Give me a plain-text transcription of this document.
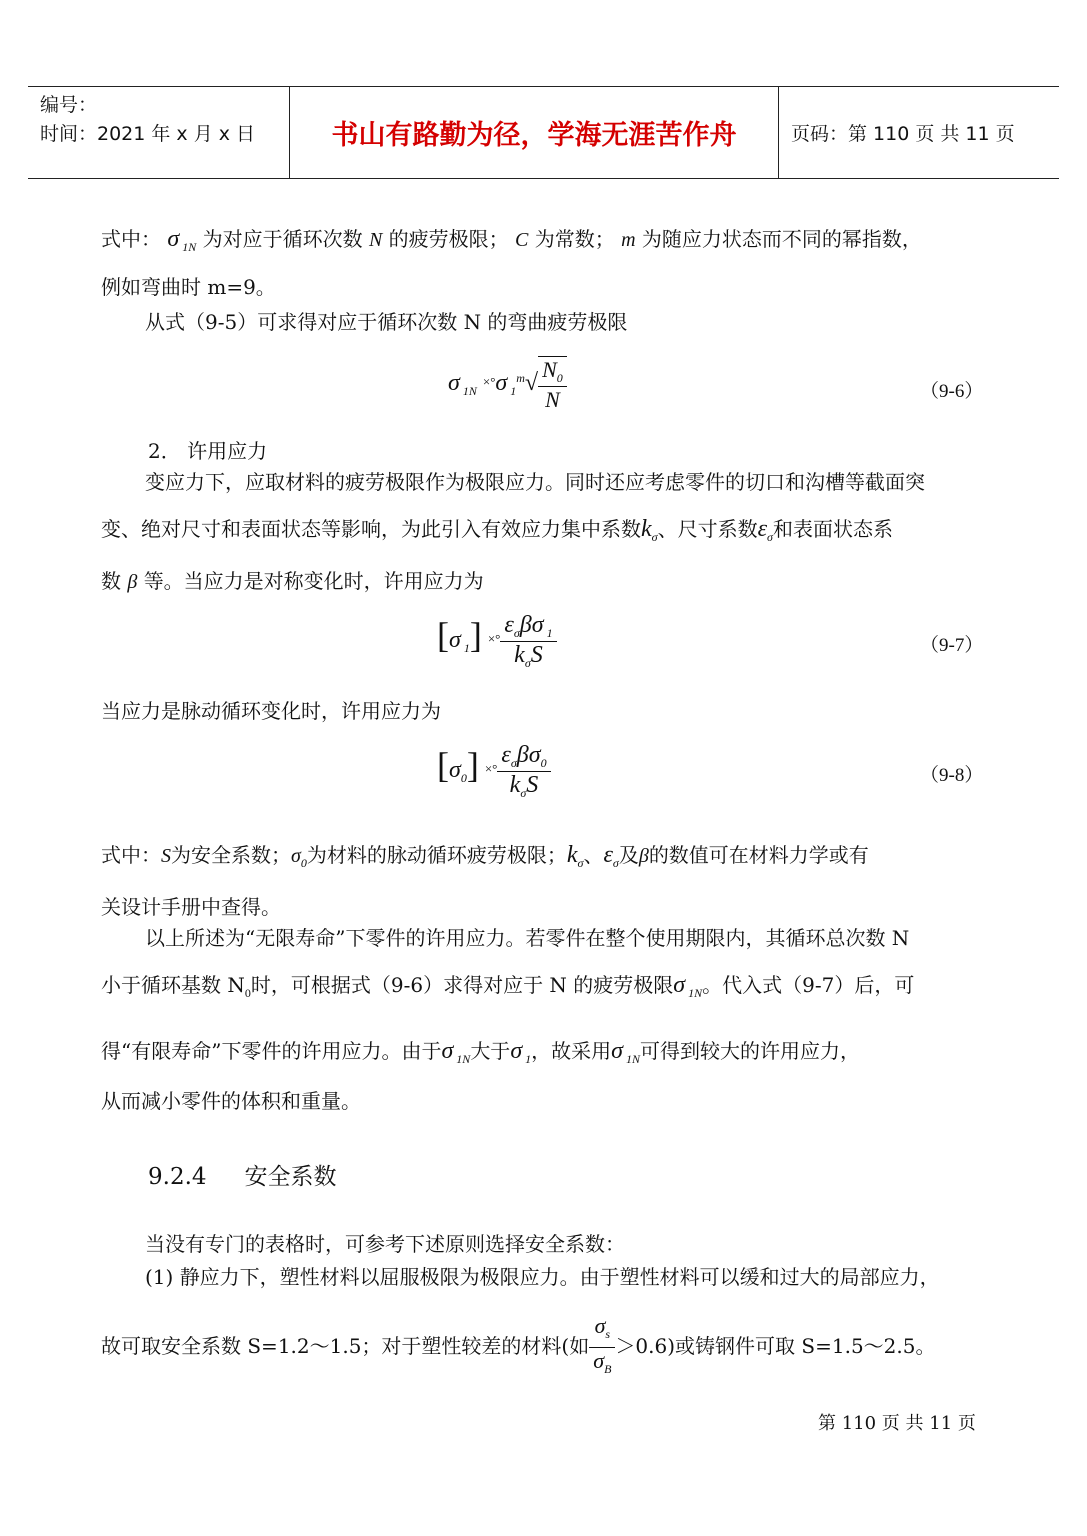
编号：
时间：2021 年 x 月 x 日	书山有路勤为径，学海无涯苦作舟	页码：第 110 页 共 11 页
式中： σ $_{1N}$ 为对应于循环次数 N 的疲劳极限； C 为常数； m 为随应力状态而不同的幂指数，
例如弯曲时 m=9。
从式（9-5）可求得对应于循环次数 N 的弯曲疲劳极限
σ $_{1N}$ ×°σ $_1^m√ \frac{N_0}{N}$	（9-6）
2． 许用应力
变应力下，应取材料的疲劳极限作为极限应力。同时还应考虑零件的切口和沟槽等截面突
变、绝对尺寸和表面状态等影响，为此引入有效应力集中系数$k_\sigma$、尺寸系数$\varepsilon_\sigma$和表面状态系
数 β 等。当应力是对称变化时，许用应力为
[σ $_1$] ×° $\frac{\varepsilon_\sigma\beta\sigma _1}{k_\sigma S}$	（9-7）
当应力是脉动循环变化时，许用应力为
$[\sigma_0]$ ×° $\frac{\varepsilon_\sigma\beta\sigma_0}{k_\sigma S}$	（9-8）
式中：S为安全系数；$\sigma_0$为材料的脉动循环疲劳极限；$k_\sigma$、$\varepsilon_\sigma$及β的数值可在材料力学或有
关设计手册中查得。
以上所述为“无限寿命”下零件的许用应力。若零件在整个使用期限内，其循环总次数 N
小于循环基数 $N_0$时，可根据式（9-6）求得对应于 N 的疲劳极限σ $_{1N}$。代入式（9-7）后，可
得“有限寿命”下零件的许用应力。由于σ $_{1N}$大于σ $_1$，故采用σ $_{1N}$可得到较大的许用应力，
从而减小零件的体积和重量。
9.2.4 安全系数
当没有专门的表格时，可参考下述原则选择安全系数：
(1) 静应力下，塑性材料以屈服极限为极限应力。由于塑性材料可以缓和过大的局部应力，
故可取安全系数 S=1.2～1.5；对于塑性较差的材料(如 $\frac{\sigma_s}{\sigma_B} >0.6$)或铸钢件可取 S=1.5～2.5。
第 110 页 共 11 页
